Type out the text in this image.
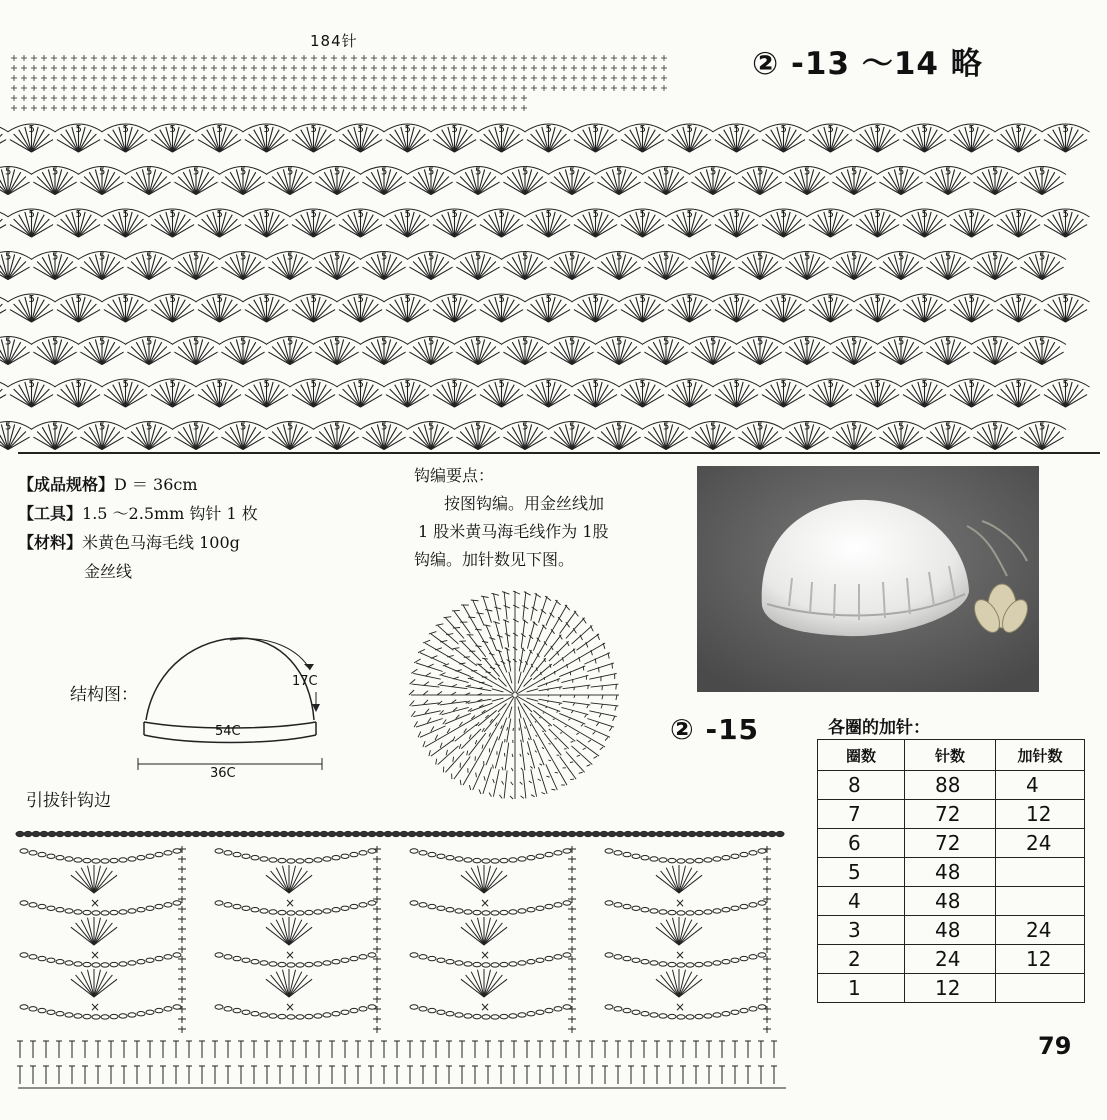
184针
② -13 ～14 略
5	5	5	5	5	5	5	5	5	5	5	5	5	5	5	5	5	5	5	5	5	5	5
5	5	5	5	5	5	5	5	5	5	5	5	5	5	5	5	5	5	5	5	5	5	5
5	5	5	5	5	5	5	5	5	5	5	5	5	5	5	5	5	5	5	5	5	5	5
5	5	5	5	5	5	5	5	5	5	5	5	5	5	5	5	5	5	5	5	5	5	5
5	5	5	5	5	5	5	5	5	5	5	5	5	5	5	5	5	5	5	5	5	5	5
5	5	5	5	5	5	5	5	5	5	5	5	5	5	5	5	5	5	5	5	5	5	5
5	5	5	5	5	5	5	5	5	5	5	5	5	5	5	5	5	5	5	5	5	5	5
5	5	5	5	5	5	5	5	5	5	5	5	5	5	5	5	5	5	5	5	5	5	5
【成品规格】D ＝ 36cm
【工具】1.5 ～2.5mm 钩针 1 枚
【材料】米黄色马海毛线 100g
金丝线
钩编要点：
按图钩编。用金丝线加
1 股米黄马海毛线作为 1股
钩编。加针数见下图。
结构图：
17C
54C
36C
引拔针钩边
② -15	各圈的加针：
圈数	针数	加针数
8	88	4
7	72	12
6	72	24
5	48	
4	48	
3	48	24
2	24	12
1	12	
×
×
×
×
×
×
×
×
×
×
×
×
79
